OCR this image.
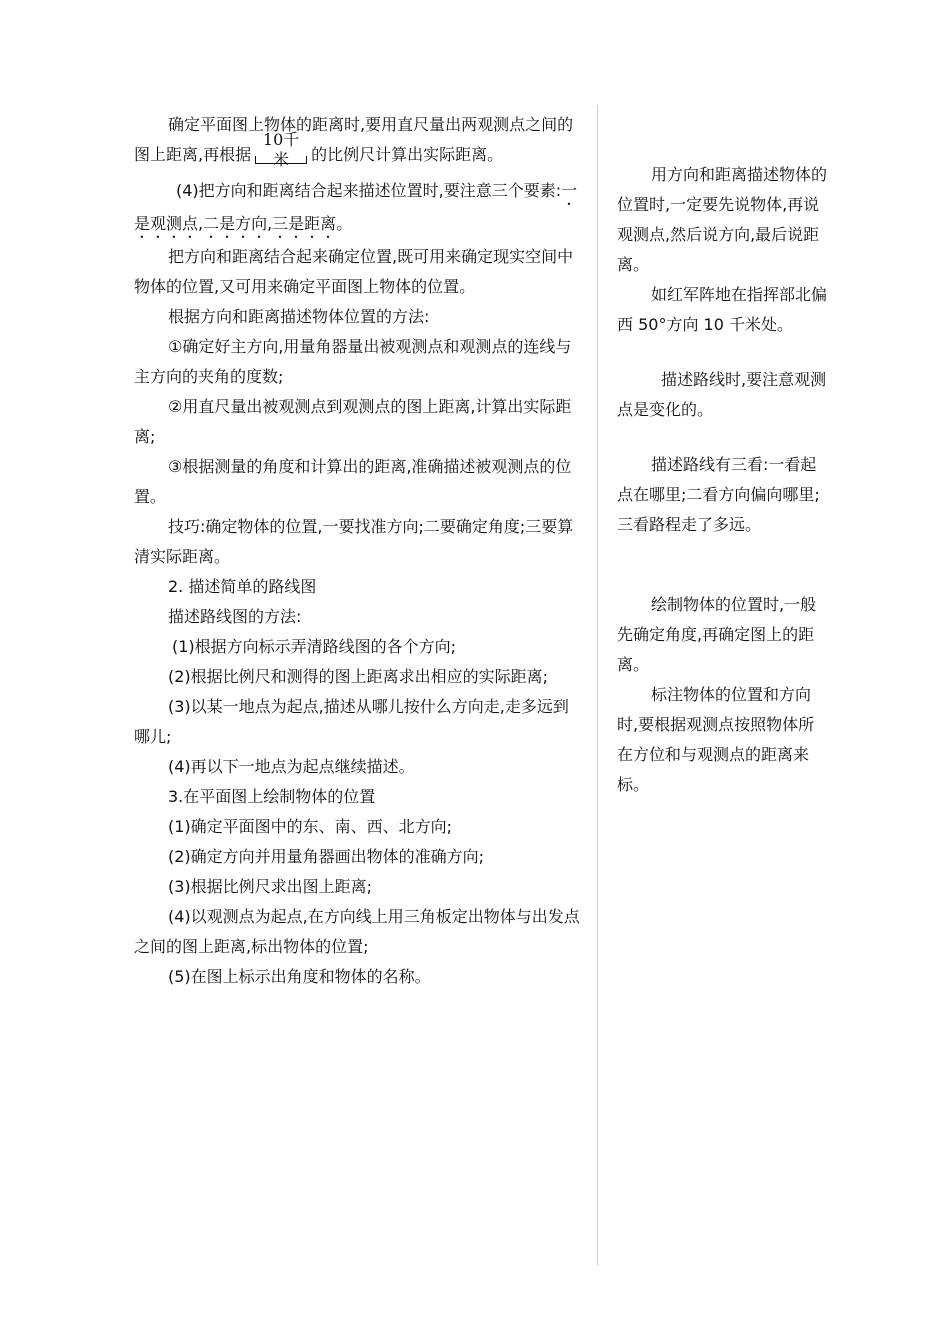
确定平面图上物体的距离时,要用直尺量出两观测点之间的图上距离,再根据
10千米	的比例尺计算出实际距离。

(4)把方向和距离结合起来描述位置时,要注意三个要素:一是观测点,二是方向,三是距离。

把方向和距离结合起来确定位置,既可用来确定现实空间中物体的位置,又可用来确定平面图上物体的位置。

根据方向和距离描述物体位置的方法:

①确定好主方向,用量角器量出被观测点和观测点的连线与主方向的夹角的度数;

②用直尺量出被观测点到观测点的图上距离,计算出实际距离;

③根据测量的角度和计算出的距离,准确描述被观测点的位置。

技巧:确定物体的位置,一要找准方向;二要确定角度;三要算清实际距离。

2. 描述简单的路线图

描述路线图的方法:

(1)根据方向标示弄清路线图的各个方向;

(2)根据比例尺和测得的图上距离求出相应的实际距离;

(3)以某一地点为起点,描述从哪儿按什么方向走,走多远到哪儿;

(4)再以下一地点为起点继续描述。

3.在平面图上绘制物体的位置

(1)确定平面图中的东、南、西、北方向;

(2)确定方向并用量角器画出物体的准确方向;

(3)根据比例尺求出图上距离;

(4)以观测点为起点,在方向线上用三角板定出物体与出发点之间的图上距离,标出物体的位置;

(5)在图上标示出角度和物体的名称。

用方向和距离描述物体的位置时,一定要先说物体,再说观测点,然后说方向,最后说距离。

如红军阵地在指挥部北偏西 50°方向 10 千米处。

描述路线时,要注意观测点是变化的。

描述路线有三看:一看起点在哪里;二看方向偏向哪里;三看路程走了多远。

绘制物体的位置时,一般先确定角度,再确定图上的距离。

标注物体的位置和方向时,要根据观测点按照物体所在方位和与观测点的距离来标。
